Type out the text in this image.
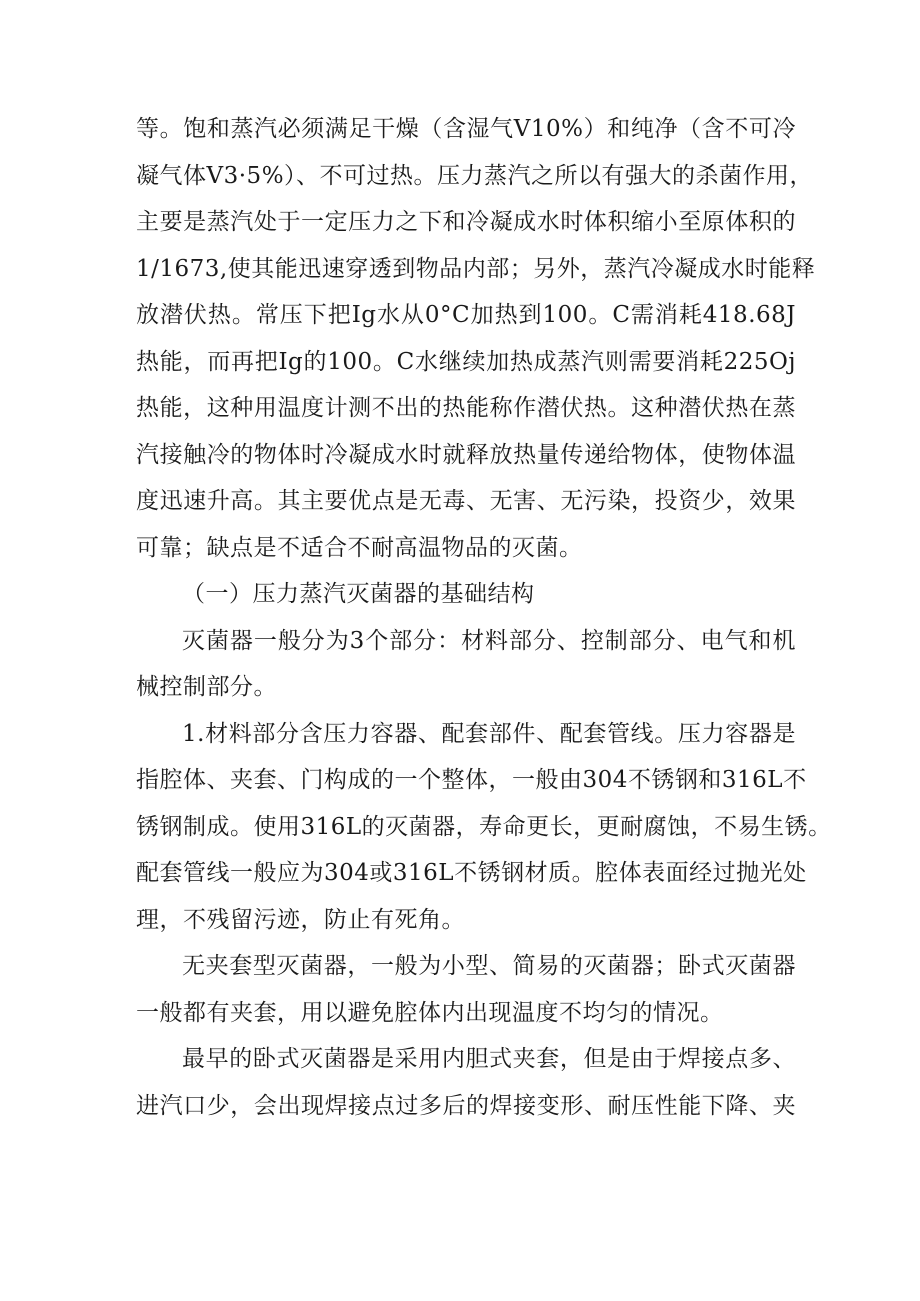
等。饱和蒸汽必须满足干燥（含湿气V10%）和纯净（含不可冷
凝气体V3·5%）、不可过热。压力蒸汽之所以有强大的杀菌作用，
主要是蒸汽处于一定压力之下和冷凝成水时体积缩小至原体积的
1/1673,使其能迅速穿透到物品内部；另外，蒸汽冷凝成水时能释
放潜伏热。常压下把Ig水从0°C加热到100。C需消耗418.68J
热能，而再把Ig的100。C水继续加热成蒸汽则需要消耗225Oj
热能，这种用温度计测不出的热能称作潜伏热。这种潜伏热在蒸
汽接触冷的物体时冷凝成水时就释放热量传递给物体，使物体温
度迅速升高。其主要优点是无毒、无害、无污染，投资少，效果
可靠；缺点是不适合不耐高温物品的灭菌。
（一）压力蒸汽灭菌器的基础结构
灭菌器一般分为3个部分：材料部分、控制部分、电气和机
械控制部分。
1.材料部分含压力容器、配套部件、配套管线。压力容器是
指腔体、夹套、门构成的一个整体，一般由304不锈钢和316L不
锈钢制成。使用316L的灭菌器，寿命更长，更耐腐蚀，不易生锈。
配套管线一般应为304或316L不锈钢材质。腔体表面经过抛光处
理，不残留污迹，防止有死角。
无夹套型灭菌器，一般为小型、简易的灭菌器；卧式灭菌器
一般都有夹套，用以避免腔体内出现温度不均匀的情况。
最早的卧式灭菌器是采用内胆式夹套，但是由于焊接点多、
进汽口少，会出现焊接点过多后的焊接变形、耐压性能下降、夹
